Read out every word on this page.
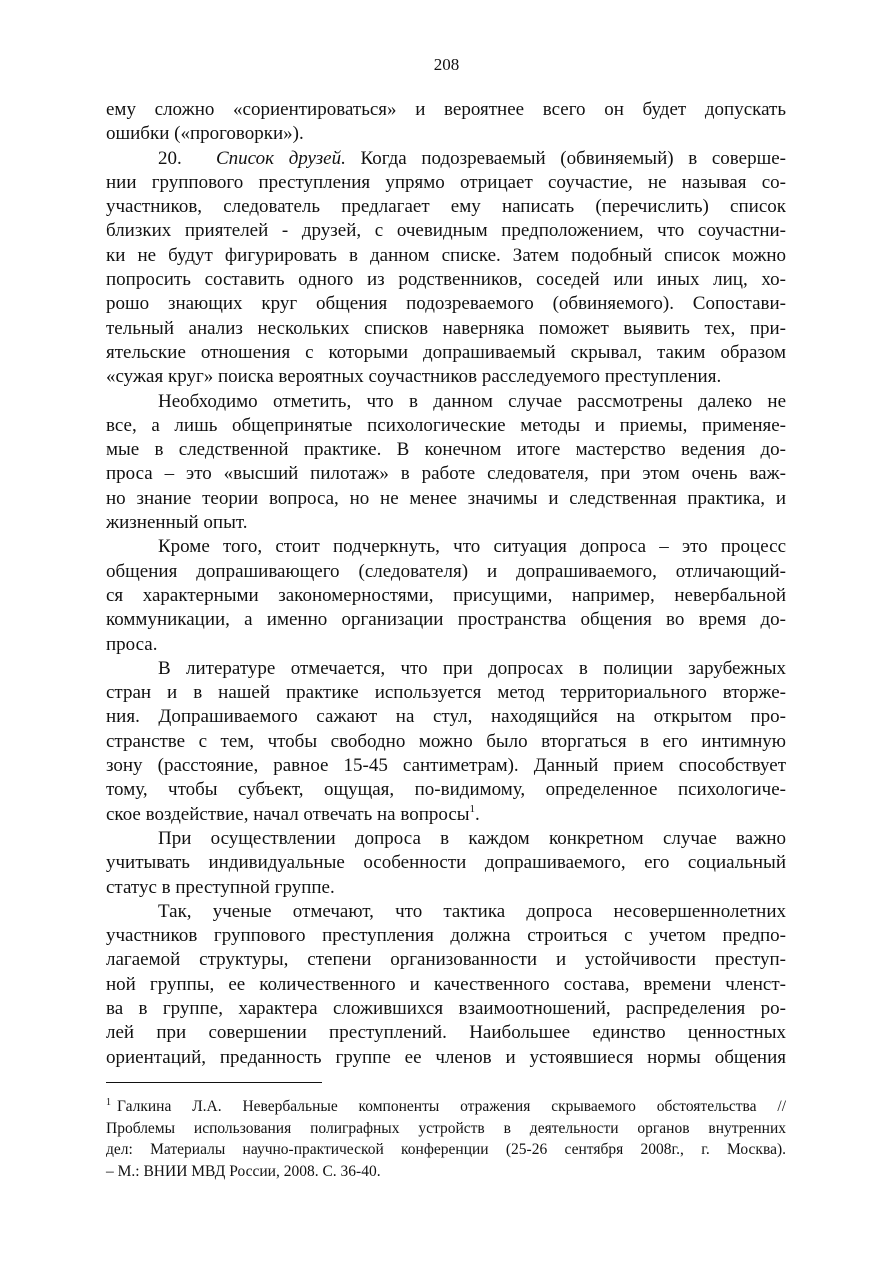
208
ему сложно «сориентироваться» и вероятнее всего он будет допускать
ошибки («проговорки»).
20. Список друзей. Когда подозреваемый (обвиняемый) в соверше-
нии группового преступления упрямо отрицает соучастие, не называя со-
участников, следователь предлагает ему написать (перечислить) список
близких приятелей - друзей, с очевидным предположением, что соучастни-
ки не будут фигурировать в данном списке. Затем подобный список можно
попросить составить одного из родственников, соседей или иных лиц, хо-
рошо знающих круг общения подозреваемого (обвиняемого). Сопостави-
тельный анализ нескольких списков наверняка поможет выявить тех, при-
ятельские отношения с которыми допрашиваемый скрывал, таким образом
«сужая круг» поиска вероятных соучастников расследуемого преступления.
Необходимо отметить, что в данном случае рассмотрены далеко не
все, а лишь общепринятые психологические методы и приемы, применяе-
мые в следственной практике. В конечном итоге мастерство ведения до-
проса – это «высший пилотаж» в работе следователя, при этом очень важ-
но знание теории вопроса, но не менее значимы и следственная практика, и
жизненный опыт.
Кроме того, стоит подчеркнуть, что ситуация допроса – это процесс
общения допрашивающего (следователя) и допрашиваемого, отличающий-
ся характерными закономерностями, присущими, например, невербальной
коммуникации, а именно организации пространства общения во время до-
проса.
В литературе отмечается, что при допросах в полиции зарубежных
стран и в нашей практике используется метод территориального вторже-
ния. Допрашиваемого сажают на стул, находящийся на открытом про-
странстве с тем, чтобы свободно можно было вторгаться в его интимную
зону (расстояние, равное 15-45 сантиметрам). Данный прием способствует
тому, чтобы субъект, ощущая, по-видимому, определенное психологиче-
ское воздействие, начал отвечать на вопросы$^1$.
При осуществлении допроса в каждом конкретном случае важно
учитывать индивидуальные особенности допрашиваемого, его социальный
статус в преступной группе.
Так, ученые отмечают, что тактика допроса несовершеннолетних
участников группового преступления должна строиться с учетом предпо-
лагаемой структуры, степени организованности и устойчивости преступ-
ной группы, ее количественного и качественного состава, времени членст-
ва в группе, характера сложившихся взаимоотношений, распределения ро-
лей при совершении преступлений. Наибольшее единство ценностных
ориентаций, преданность группе ее членов и устоявшиеся нормы общения
$^1$ Галкина Л.А. Невербальные компоненты отражения скрываемого обстоятельства //
Проблемы использования полиграфных устройств в деятельности органов внутренних
дел: Материалы научно-практической конференции (25-26 сентября 2008г., г. Москва).
– М.: ВНИИ МВД России, 2008. С. 36-40.
